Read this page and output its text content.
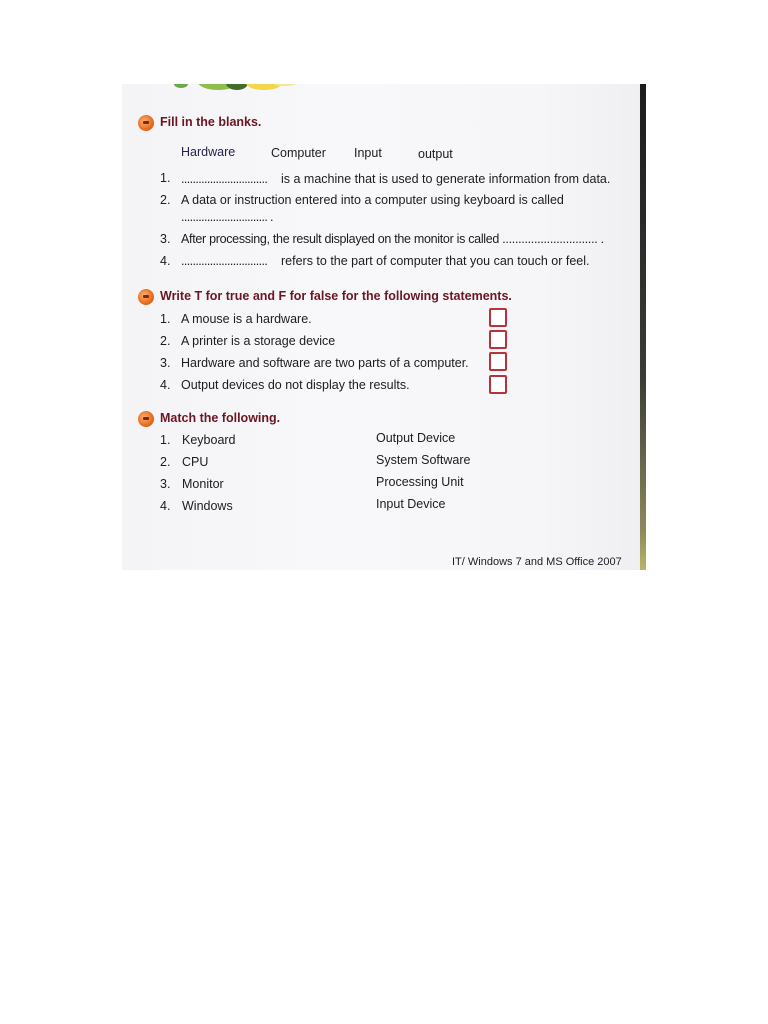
Fill in the blanks.
Hardware	Computer Input	output
1. .............................. is a machine that is used to generate information from data.
2. A data or instruction entered into a computer using keyboard is called
.............................. .
3. After processing, the result displayed on the monitor is called .............................. .
4. .............................. refers to the part of computer that you can touch or feel.
Write T for true and F for false for the following statements.
1. A mouse is a hardware.
2. A printer is a storage device
3. Hardware and software are two parts of a computer.
4. Output devices do not display the results.
Match the following.
1. Keyboard
2. CPU
3. Monitor
4. Windows
Output Device
System Software
Processing Unit
Input Device
IT/ Windows 7 and MS Office 2007
